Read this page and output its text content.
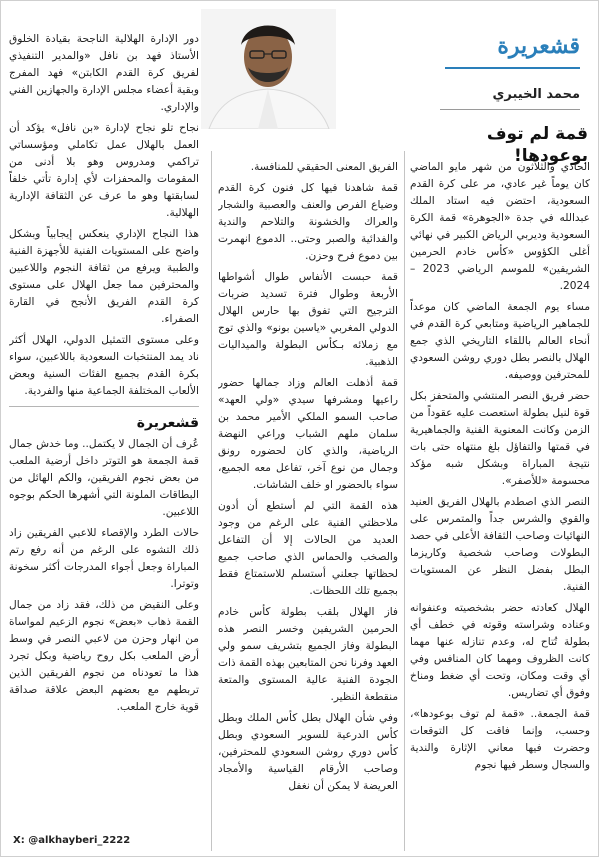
قشعريرة
محمد الخيبري
قمة لم توف بوعودها!

الحادي والثلاثون من شهر مايو الماضي كان يوماً غير عادي، مر على كرة القدم السعودية، احتضن فيه استاد الملك عبدالله في جدة «الجوهرة» قمة الكرة السعودية وديربي الرياض الكبير في نهائي أغلى الكؤوس «كأس خادم الحرمين الشريفين» للموسم الرياضي 2023 – 2024.

مساء يوم الجمعة الماضي كان موعداً للجماهير الرياضية ومتابعي كرة القدم في أنحاء العالم باللقاء التاريخي الذي جمع الهلال بالنصر بطل دوري روشن السعودي للمحترفين ووصيفه.

حضر فريق النصر المنتشي والمتحفز بكل قوة لنيل بطولة استعصت عليه عقوداً من الزمن وكانت المعنوية الفنية والجماهيرية في قمتها والتفاؤل بلغ منتهاه حتى بات نتيجة المباراة وبشكل شبه مؤكد محسومة «للأصفر».

النصر الذي اصطدم بالهلال الفريق العنيد والقوي والشرس جداً والمتمرس على النهائيات وصاحب الثقافة الأعلى في حصد البطولات وصاحب شخصية وكاريزما البطل بفضل النظر عن المستويات الفنية.

الهلال كعادته حضر بشخصيته وعنفوانه وعناده وشراسته وقوته في خطف أي بطولة تُتاح له، وعدم تنازله عنها مهما كانت الظروف ومهما كان المنافس وفي أي وقت ومكان، وتحت أي ضغط ومناخ وفوق أي تضاريس.

قمة الجمعة.. «قمة لم توف بوعودها»، وحسب، وإنما فاقت كل التوقعات وحضرت فيها معاني الإثارة والندية والسجال وسطر فيها نجوم

الفريق المعنى الحقيقي للمنافسة.

قمة شاهدنا فيها كل فنون كرة القدم وضياع الفرص والعنف والعصبية والشجار والعراك والخشونة والتلاحم والندية والفدائية والصبر وحتى.. الدموع انهمرت بين دموع فرح وحزن.

قمة حبست الأنفاس طوال أشواطها الأربعة وطوال فترة تسديد ضربات الترجيح التي تفوق بها حارس الهلال الدولي المغربي «ياسين بونو» والذي توج مع زملائه بـكأس البطولة والميداليات الذهبية.

قمة أذهلت العالم وزاد جمالها حضور راعيها ومشرفها سيدي «ولي العهد» صاحب السمو الملكي الأمير محمد بن سلمان ملهم الشباب وراعي النهضة الرياضية، والذي كان لحضوره رونق وجمال من نوع آخر، تفاعل معه الجميع، سواء بالحضور او خلف الشاشات.

هذه القمة التي لم أستطع أن أدون ملاحظتي الفنية على الرغم من وجود العديد من الحالات إلا أن التفاعل والصخب والحماس الذي صاحب جميع لحظاتها جعلني أستسلم للاستمتاع فقط بجميع تلك اللحظات.

فاز الهلال بلقب بطولة كأس خادم الحرمين الشريفين وخسر النصر هذه البطولة وفاز الجميع بتشريف سمو ولي العهد وفرنا نحن المتابعين بهذه القمة ذات الجودة الفنية عالية المستوى والمتعة منقطعة النظير.

وفي شأن الهلال بطل كأس الملك وبطل كأس الدرعية للسوبر السعودي وبطل كأس دوري روشن السعودي للمحترفين، وصاحب الأرقام القياسية والأمجاد العريضة لا يمكن أن نغفل

دور الإدارة الهلالية الناجحة بقيادة الخلوق الأستاذ فهد بن نافل «والمدير التنفيذي لفريق كرة القدم الكابتن» فهد المفرج وبقية أعضاء مجلس الإدارة والجهازين الفني والإداري.

نجاح تلو نجاح لإدارة «بن نافل» يؤكد أن العمل بالهلال عمل تكاملي ومؤسساتي تراكمي ومدروس وهو بلا أدنى من المقومات والمحفزات لأي إدارة تأتي خلفاً لسابقتها وهو ما عرف عن الثقافة الإدارية الهلالية.

هذا النجاح الإداري ينعكس إيجابياً وبشكل واضح على المستويات الفنية للأجهزة الفنية والطبية ويرفع من ثقافة النجوم واللاعبين والمحترفين مما جعل الهلال على مستوى كرة القدم الفريق الأنجح في القارة الصفراء.

وعلى مستوى التمثيل الدولي، الهلال أكثر ناد يمد المنتخبات السعودية باللاعبين، سواء بكرة القدم بجميع الفئات السنية وبعض الألعاب المختلفة الجماعية منها والفردية.

قشعريرة

عُرف أن الجمال لا يكتمل.. وما خدش جمال قمة الجمعة هو التوتر داخل أرضية الملعب من بعض نجوم الفريقين، والكم الهائل من البطاقات الملونة التي أشهرها الحكم بوجوه اللاعبين.

حالات الطرد والإقصاء للاعبي الفريقين زاد ذلك التشوه على الرغم من أنه رفع رتم المباراة وجعل أجواء المدرجات أكثر سخونة وتوترا.

وعلى النقيض من ذلك، فقد زاد من جمال القمة ذهاب «بعض» نجوم الزعيم لمواساة من انهار وحزن من لاعبي النصر في وسط أرض الملعب بكل روح رياضية وبكل تجرد هذا ما تعودناه من نجوم الفريقين الذين تربطهم مع بعضهم البعض علاقة صداقة قوية خارج الملعب.

X: @alkhayberi_2222
